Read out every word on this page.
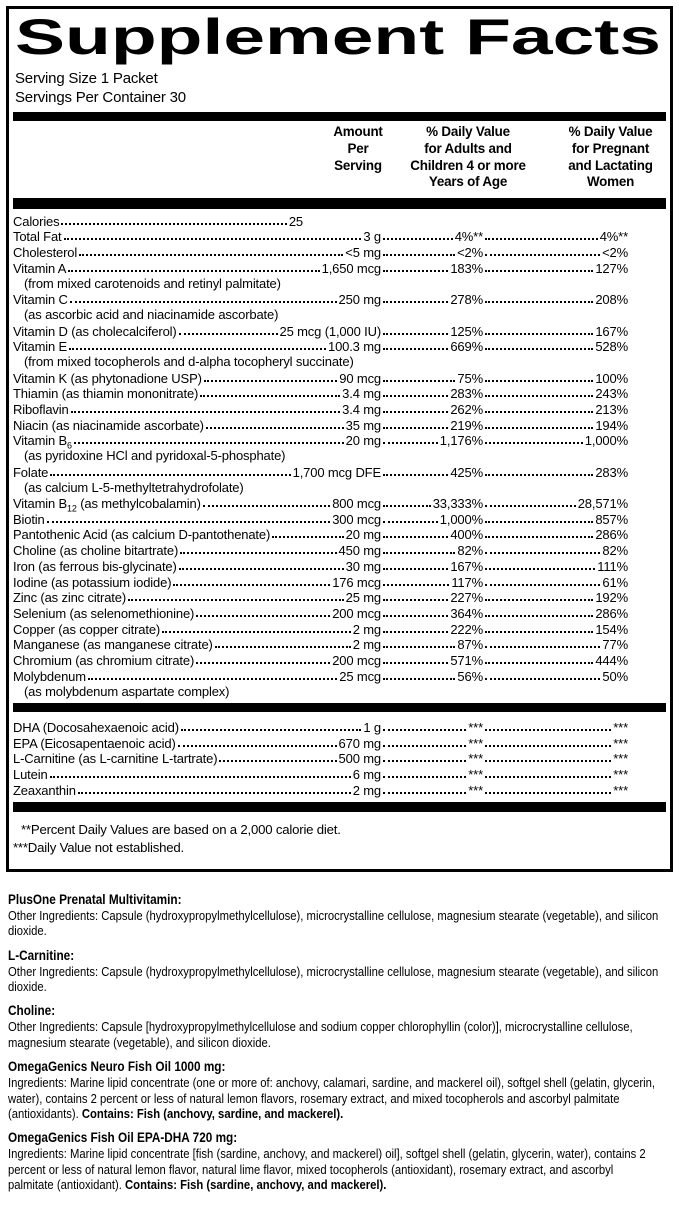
Supplement Facts
Serving Size 1 Packet
Servings Per Container 30
Amount
Per
Serving
% Daily Value
for Adults and
Children 4 or more
Years of Age
% Daily Value
for Pregnant
and Lactating
Women
Calories	25
Total Fat	3 g	4%**	4%**
Cholesterol	<5 mg	<2%	<2%
Vitamin A	1,650 mcg	183%	127%
(from mixed carotenoids and retinyl palmitate)
Vitamin C	250 mg	278%	208%
(as ascorbic acid and niacinamide ascorbate)
Vitamin D (as cholecalciferol)	25 mcg (1,000 IU)	125%	167%
Vitamin E	100.3 mg	669%	528%
(from mixed tocopherols and d-alpha tocopheryl succinate)
Vitamin K (as phytonadione USP)	90 mcg	75%	100%
Thiamin (as thiamin mononitrate)	3.4 mg	283%	243%
Riboflavin	3.4 mg	262%	213%
Niacin (as niacinamide ascorbate)	35 mg	219%	194%
Vitamin $B_6$	20 mg	1,176%	1,000%
(as pyridoxine HCl and pyridoxal-5-phosphate)
Folate	1,700 mcg DFE	425%	283%
(as calcium L-5-methyltetrahydrofolate)
Vitamin $B_{12}$ (as methylcobalamin)	800 mcg	33,333%	28,571%
Biotin	300 mcg	1,000%	857%
Pantothenic Acid (as calcium D-pantothenate)	20 mg	400%	286%
Choline (as choline bitartrate)	450 mg	82%	82%
Iron (as ferrous bis-glycinate)	30 mg	167%	111%
Iodine (as potassium iodide)	176 mcg	117%	61%
Zinc (as zinc citrate)	25 mg	227%	192%
Selenium (as selenomethionine)	200 mcg	364%	286%
Copper (as copper citrate)	2 mg	222%	154%
Manganese (as manganese citrate)	2 mg	87%	77%
Chromium (as chromium citrate)	200 mcg	571%	444%
Molybdenum	25 mcg	56%	50%
(as molybdenum aspartate complex)
DHA (Docosahexaenoic acid)	1 g	***	***
EPA (Eicosapentaenoic acid)	670 mg	***	***
L-Carnitine (as L-carnitine L-tartrate)	500 mg	***	***
Lutein	6 mg	***	***
Zeaxanthin	2 mg	***	***
**Percent Daily Values are based on a 2,000 calorie diet.
***Daily Value not established.
PlusOne Prenatal Multivitamin:
Other Ingredients: Capsule (hydroxypropylmethylcellulose), microcrystalline cellulose, magnesium stearate (vegetable), and silicon dioxide.
L-Carnitine:
Other Ingredients: Capsule (hydroxypropylmethylcellulose), microcrystalline cellulose, magnesium stearate (vegetable), and silicon dioxide.
Choline:
Other Ingredients: Capsule [hydroxypropylmethylcellulose and sodium copper chlorophyllin (color)], microcrystalline cellulose, magnesium stearate (vegetable), and silicon dioxide.
OmegaGenics Neuro Fish Oil 1000 mg:
Ingredients: Marine lipid concentrate (one or more of: anchovy, calamari, sardine, and mackerel oil), softgel shell (gelatin, glycerin, water), contains 2 percent or less of natural lemon flavors, rosemary extract, and mixed tocopherols and ascorbyl palmitate (antioxidants). Contains: Fish (anchovy, sardine, and mackerel).
OmegaGenics Fish Oil EPA-DHA 720 mg:
Ingredients: Marine lipid concentrate [fish (sardine, anchovy, and mackerel) oil], softgel shell (gelatin, glycerin, water), contains 2 percent or less of natural lemon flavor, natural lime flavor, mixed tocopherols (antioxidant), rosemary extract, and ascorbyl palmitate (antioxidant). Contains: Fish (sardine, anchovy, and mackerel).
